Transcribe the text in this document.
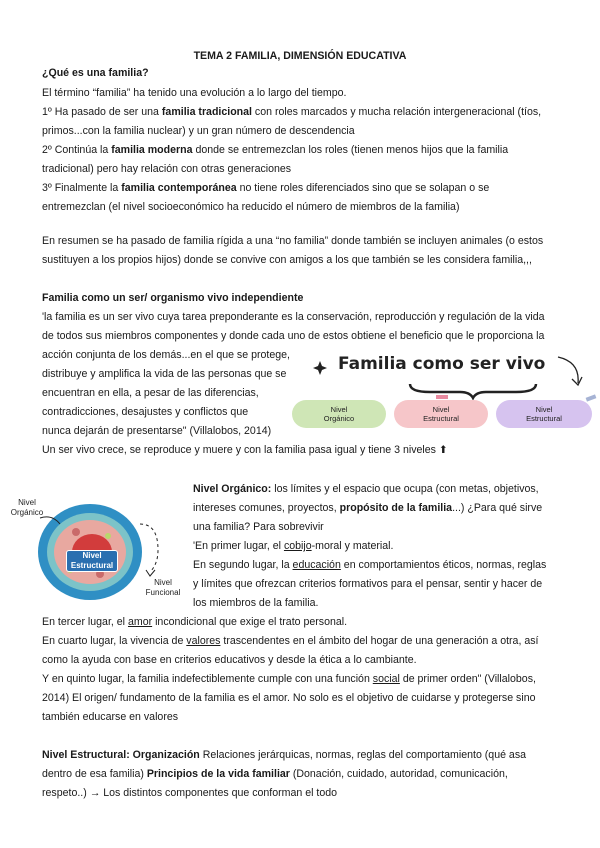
TEMA 2 FAMILIA, DIMENSIÓN EDUCATIVA
¿Qué es una familia?
El término “familia” ha tenido una evolución a lo largo del tiempo.
1º Ha pasado de ser una familia tradicional con roles marcados y mucha relación intergeneracional (tíos,
primos...con la familia nuclear) y un gran número de descendencia
2º Continúa la familia moderna donde se entremezclan los roles (tienen menos hijos que la familia
tradicional) pero hay relación con otras generaciones
3º Finalmente la familia contemporánea no tiene roles diferenciados sino que se solapan o se
entremezclan (el nivel socioeconómico ha reducido el número de miembros de la familia)
En resumen se ha pasado de familia rígida a una “no familia” donde también se incluyen animales (o estos
sustituyen a los propios hijos) donde se convive con amigos a los que también se les considera familia,,,
Familia como un ser/ organismo vivo independiente
'la familia es un ser vivo cuya tarea preponderante es la conservación, reproducción y regulación de la vida
de todos sus miembros componentes y donde cada uno de estos obtiene el beneficio que le proporciona la
acción conjunta de los demás...en el que se protege,
distribuye y amplifica la vida de las personas que se
encuentran en ella, a pesar de las diferencias,
contradicciones, desajustes y conflictos que
nunca dejarán de presentarse" (Villalobos, 2014)
Un ser vivo crece, se reproduce y muere y con la familia pasa igual y tiene 3 niveles ⬆
Familia como ser vivo
Nivel
Orgánico
Nivel
Estructural
Nivel
Estructural
Nivel
Orgánico
Nivel
Estructural
Nivel
Funcional
Nivel Orgánico: los límites y el espacio que ocupa (con metas, objetivos,
intereses comunes, proyectos, propósito de la familia...) ¿Para qué sirve
una familia? Para sobrevivir
'En primer lugar, el cobijo-moral y material.
En segundo lugar, la educación en comportamientos éticos, normas, reglas
y límites que ofrezcan criterios formativos para el pensar, sentir y hacer de
los miembros de la familia.
En tercer lugar, el amor incondicional que exige el trato personal.
En cuarto lugar, la vivencia de valores trascendentes en el ámbito del hogar de una generación a otra, así
como la ayuda con base en criterios educativos y desde la ética a lo cambiante.
Y en quinto lugar, la familia indefectiblemente cumple con una función social de primer orden" (Villalobos,
2014) El origen/ fundamento de la familia es el amor. No solo es el objetivo de cuidarse y protegerse sino
también educarse en valores
Nivel Estructural: Organización Relaciones jerárquicas, normas, reglas del comportamiento (qué asa
dentro de esa familia) Principios de la vida familiar (Donación, cuidado, autoridad, comunicación,
respeto..) → Los distintos componentes que conforman el todo
